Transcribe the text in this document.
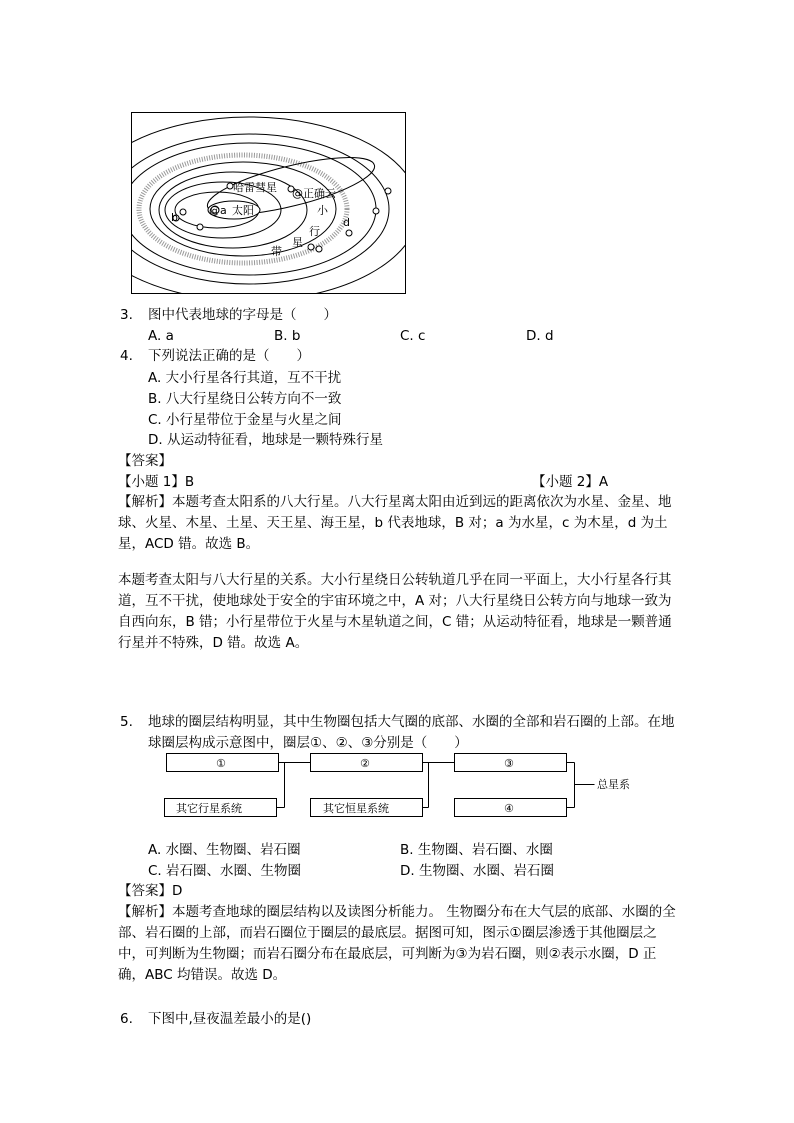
@a 太阳
哈雷彗星 @正确云
b	d
小
行
星
带
3. 图中代表地球的字母是（　　）
A. a	B. b	C. c	D. d
4. 下列说法正确的是（　　）
A. 大小行星各行其道，互不干扰
B. 八大行星绕日公转方向不一致
C. 小行星带位于金星与火星之间
D. 从运动特征看，地球是一颗特殊行星
【答案】
【小题 1】B	【小题 2】A
【解析】本题考查太阳系的八大行星。八大行星离太阳由近到远的距离依次为水星、金星、地球、火星、木星、土星、天王星、海王星，b 代表地球，B 对；a 为水星，c 为木星，d 为土星，ACD 错。故选 B。
本题考查太阳与八大行星的关系。大小行星绕日公转轨道几乎在同一平面上，大小行星各行其道，互不干扰，使地球处于安全的宇宙环境之中，A 对；八大行星绕日公转方向与地球一致为自西向东，B 错；小行星带位于火星与木星轨道之间，C 错；从运动特征看，地球是一颗普通行星并不特殊，D 错。故选 A。
5. 地球的圈层结构明显，其中生物圈包括大气圈的底部、水圈的全部和岩石圈的上部。在地球圈层构成示意图中，圈层①、②、③分别是（　　）
①	②	③
④
其它行星系统	其它恒星系统
总星系
A. 水圈、生物圈、岩石圈	B. 生物圈、岩石圈、水圈
C. 岩石圈、水圈、生物圈	D. 生物圈、水圈、岩石圈
【答案】D
【解析】本题考查地球的圈层结构以及读图分析能力。 生物圈分布在大气层的底部、水圈的全部、岩石圈的上部，而岩石圈位于圈层的最底层。据图可知，图示①圈层渗透于其他圈层之中，可判断为生物圈；而岩石圈分布在最底层，可判断为③为岩石圈，则②表示水圈，D 正确，ABC 均错误。故选 D。
6. 下图中,昼夜温差最小的是()
